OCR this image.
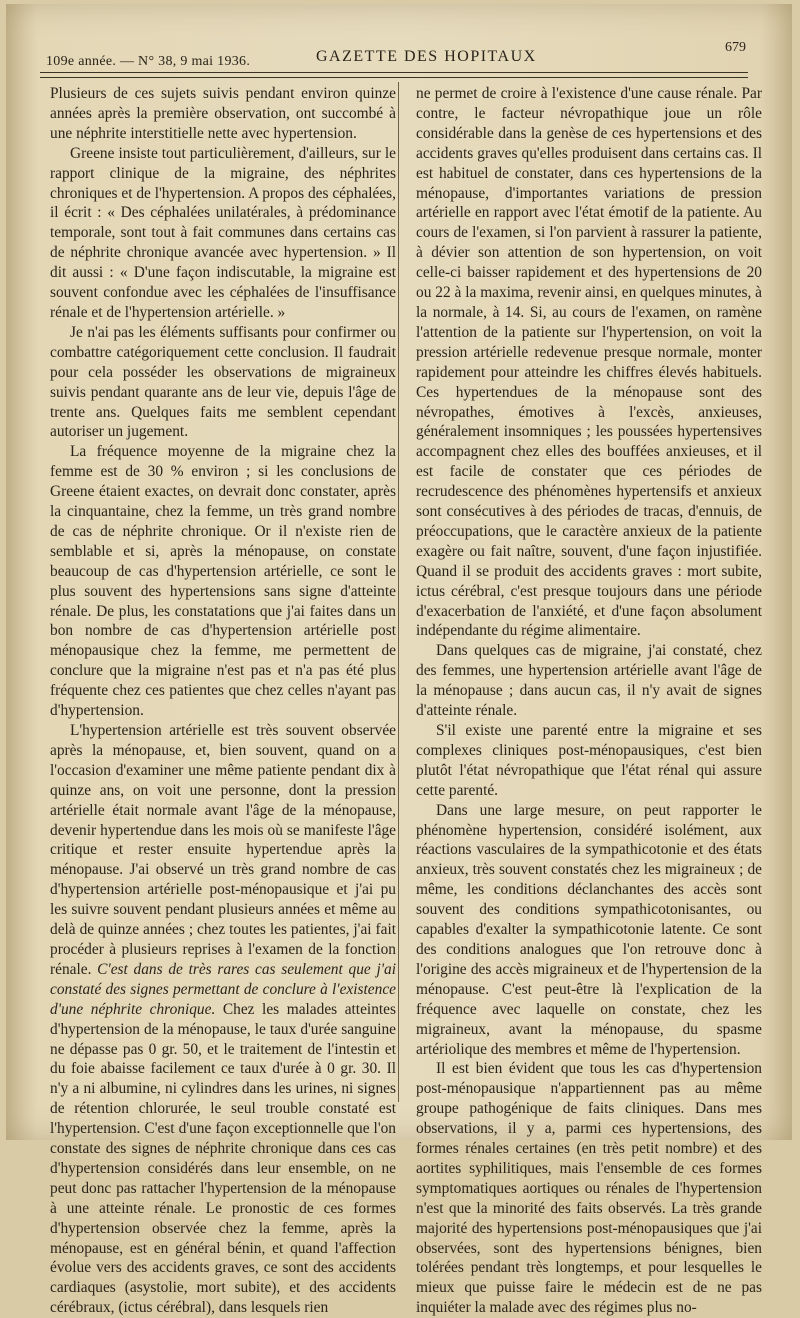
109e année. — N° 38, 9 mai 1936.	GAZETTE DES HOPITAUX
679

Plusieurs de ces sujets suivis pendant environ quinze années après la première observation, ont succombé à une néphrite interstitielle nette avec hypertension.

Greene insiste tout particulièrement, d'ailleurs, sur le rapport clinique de la migraine, des néphrites chroniques et de l'hypertension. A propos des céphalées, il écrit : « Des céphalées unilatérales, à prédominance temporale, sont tout à fait communes dans certains cas de néphrite chronique avancée avec hypertension. » Il dit aussi : « D'une façon indiscutable, la migraine est souvent confondue avec les céphalées de l'insuffisance rénale et de l'hypertension artérielle. »

Je n'ai pas les éléments suffisants pour confirmer ou combattre catégoriquement cette conclusion. Il faudrait pour cela posséder les observations de migraineux suivis pendant quarante ans de leur vie, depuis l'âge de trente ans. Quelques faits me semblent cependant autoriser un jugement.

La fréquence moyenne de la migraine chez la femme est de 30 % environ ; si les conclusions de Greene étaient exactes, on devrait donc constater, après la cinquantaine, chez la femme, un très grand nombre de cas de néphrite chronique. Or il n'existe rien de semblable et si, après la ménopause, on constate beaucoup de cas d'hypertension artérielle, ce sont le plus souvent des hypertensions sans signe d'atteinte rénale. De plus, les constatations que j'ai faites dans un bon nombre de cas d'hypertension artérielle post ménopausique chez la femme, me permettent de conclure que la migraine n'est pas et n'a pas été plus fréquente chez ces patientes que chez celles n'ayant pas d'hypertension.

L'hypertension artérielle est très souvent observée après la ménopause, et, bien souvent, quand on a l'occasion d'examiner une même patiente pendant dix à quinze ans, on voit une personne, dont la pression artérielle était normale avant l'âge de la ménopause, devenir hypertendue dans les mois où se manifeste l'âge critique et rester ensuite hypertendue après la ménopause. J'ai observé un très grand nombre de cas d'hypertension artérielle post-ménopausique et j'ai pu les suivre souvent pendant plusieurs années et même au delà de quinze années ; chez toutes les patientes, j'ai fait procéder à plusieurs reprises à l'examen de la fonction rénale. C'est dans de très rares cas seulement que j'ai constaté des signes permettant de conclure à l'existence d'une néphrite chronique. Chez les malades atteintes d'hypertension de la ménopause, le taux d'urée sanguine ne dépasse pas 0 gr. 50, et le traitement de l'intestin et du foie abaisse facilement ce taux d'urée à 0 gr. 30. Il n'y a ni albumine, ni cylindres dans les urines, ni signes de rétention chlorurée, le seul trouble constaté est l'hypertension. C'est d'une façon exceptionnelle que l'on constate des signes de néphrite chronique dans ces cas d'hypertension considérés dans leur ensemble, on ne peut donc pas rattacher l'hypertension de la ménopause à une atteinte rénale. Le pronostic de ces formes d'hypertension observée chez la femme, après la ménopause, est en général bénin, et quand l'affection évolue vers des accidents graves, ce sont des accidents cardiaques (asystolie, mort subite), et des accidents cérébraux, (ictus cérébral), dans lesquels rien

ne permet de croire à l'existence d'une cause rénale. Par contre, le facteur névropathique joue un rôle considérable dans la genèse de ces hypertensions et des accidents graves qu'elles produisent dans certains cas. Il est habituel de constater, dans ces hypertensions de la ménopause, d'importantes variations de pression artérielle en rapport avec l'état émotif de la patiente. Au cours de l'examen, si l'on parvient à rassurer la patiente, à dévier son attention de son hypertension, on voit celle-ci baisser rapidement et des hypertensions de 20 ou 22 à la maxima, revenir ainsi, en quelques minutes, à la normale, à 14. Si, au cours de l'examen, on ramène l'attention de la patiente sur l'hypertension, on voit la pression artérielle redevenue presque normale, monter rapidement pour atteindre les chiffres élevés habituels. Ces hypertendues de la ménopause sont des névropathes, émotives à l'excès, anxieuses, généralement insomniques ; les poussées hypertensives accompagnent chez elles des bouffées anxieuses, et il est facile de constater que ces périodes de recrudescence des phénomènes hypertensifs et anxieux sont consécutives à des périodes de tracas, d'ennuis, de préoccupations, que le caractère anxieux de la patiente exagère ou fait naître, souvent, d'une façon injustifiée. Quand il se produit des accidents graves : mort subite, ictus cérébral, c'est presque toujours dans une période d'exacerbation de l'anxiété, et d'une façon absolument indépendante du régime alimentaire.

Dans quelques cas de migraine, j'ai constaté, chez des femmes, une hypertension artérielle avant l'âge de la ménopause ; dans aucun cas, il n'y avait de signes d'atteinte rénale.

S'il existe une parenté entre la migraine et ses complexes cliniques post-ménopausiques, c'est bien plutôt l'état névropathique que l'état rénal qui assure cette parenté.

Dans une large mesure, on peut rapporter le phénomène hypertension, considéré isolément, aux réactions vasculaires de la sympathicotonie et des états anxieux, très souvent constatés chez les migraineux ; de même, les conditions déclanchantes des accès sont souvent des conditions sympathicotonisantes, ou capables d'exalter la sympathicotonie latente. Ce sont des conditions analogues que l'on retrouve donc à l'origine des accès migraineux et de l'hypertension de la ménopause. C'est peut-être là l'explication de la fréquence avec laquelle on constate, chez les migraineux, avant la ménopause, du spasme artériolique des membres et même de l'hypertension.

Il est bien évident que tous les cas d'hypertension post-ménopausique n'appartiennent pas au même groupe pathogénique de faits cliniques. Dans mes observations, il y a, parmi ces hypertensions, des formes rénales certaines (en très petit nombre) et des aortites syphilitiques, mais l'ensemble de ces formes symptomatiques aortiques ou rénales de l'hypertension n'est que la minorité des faits observés. La très grande majorité des hypertensions post-ménopausiques que j'ai observées, sont des hypertensions bénignes, bien tolérées pendant très longtemps, et pour lesquelles le mieux que puisse faire le médecin est de ne pas inquiéter la malade avec des régimes plus no-
